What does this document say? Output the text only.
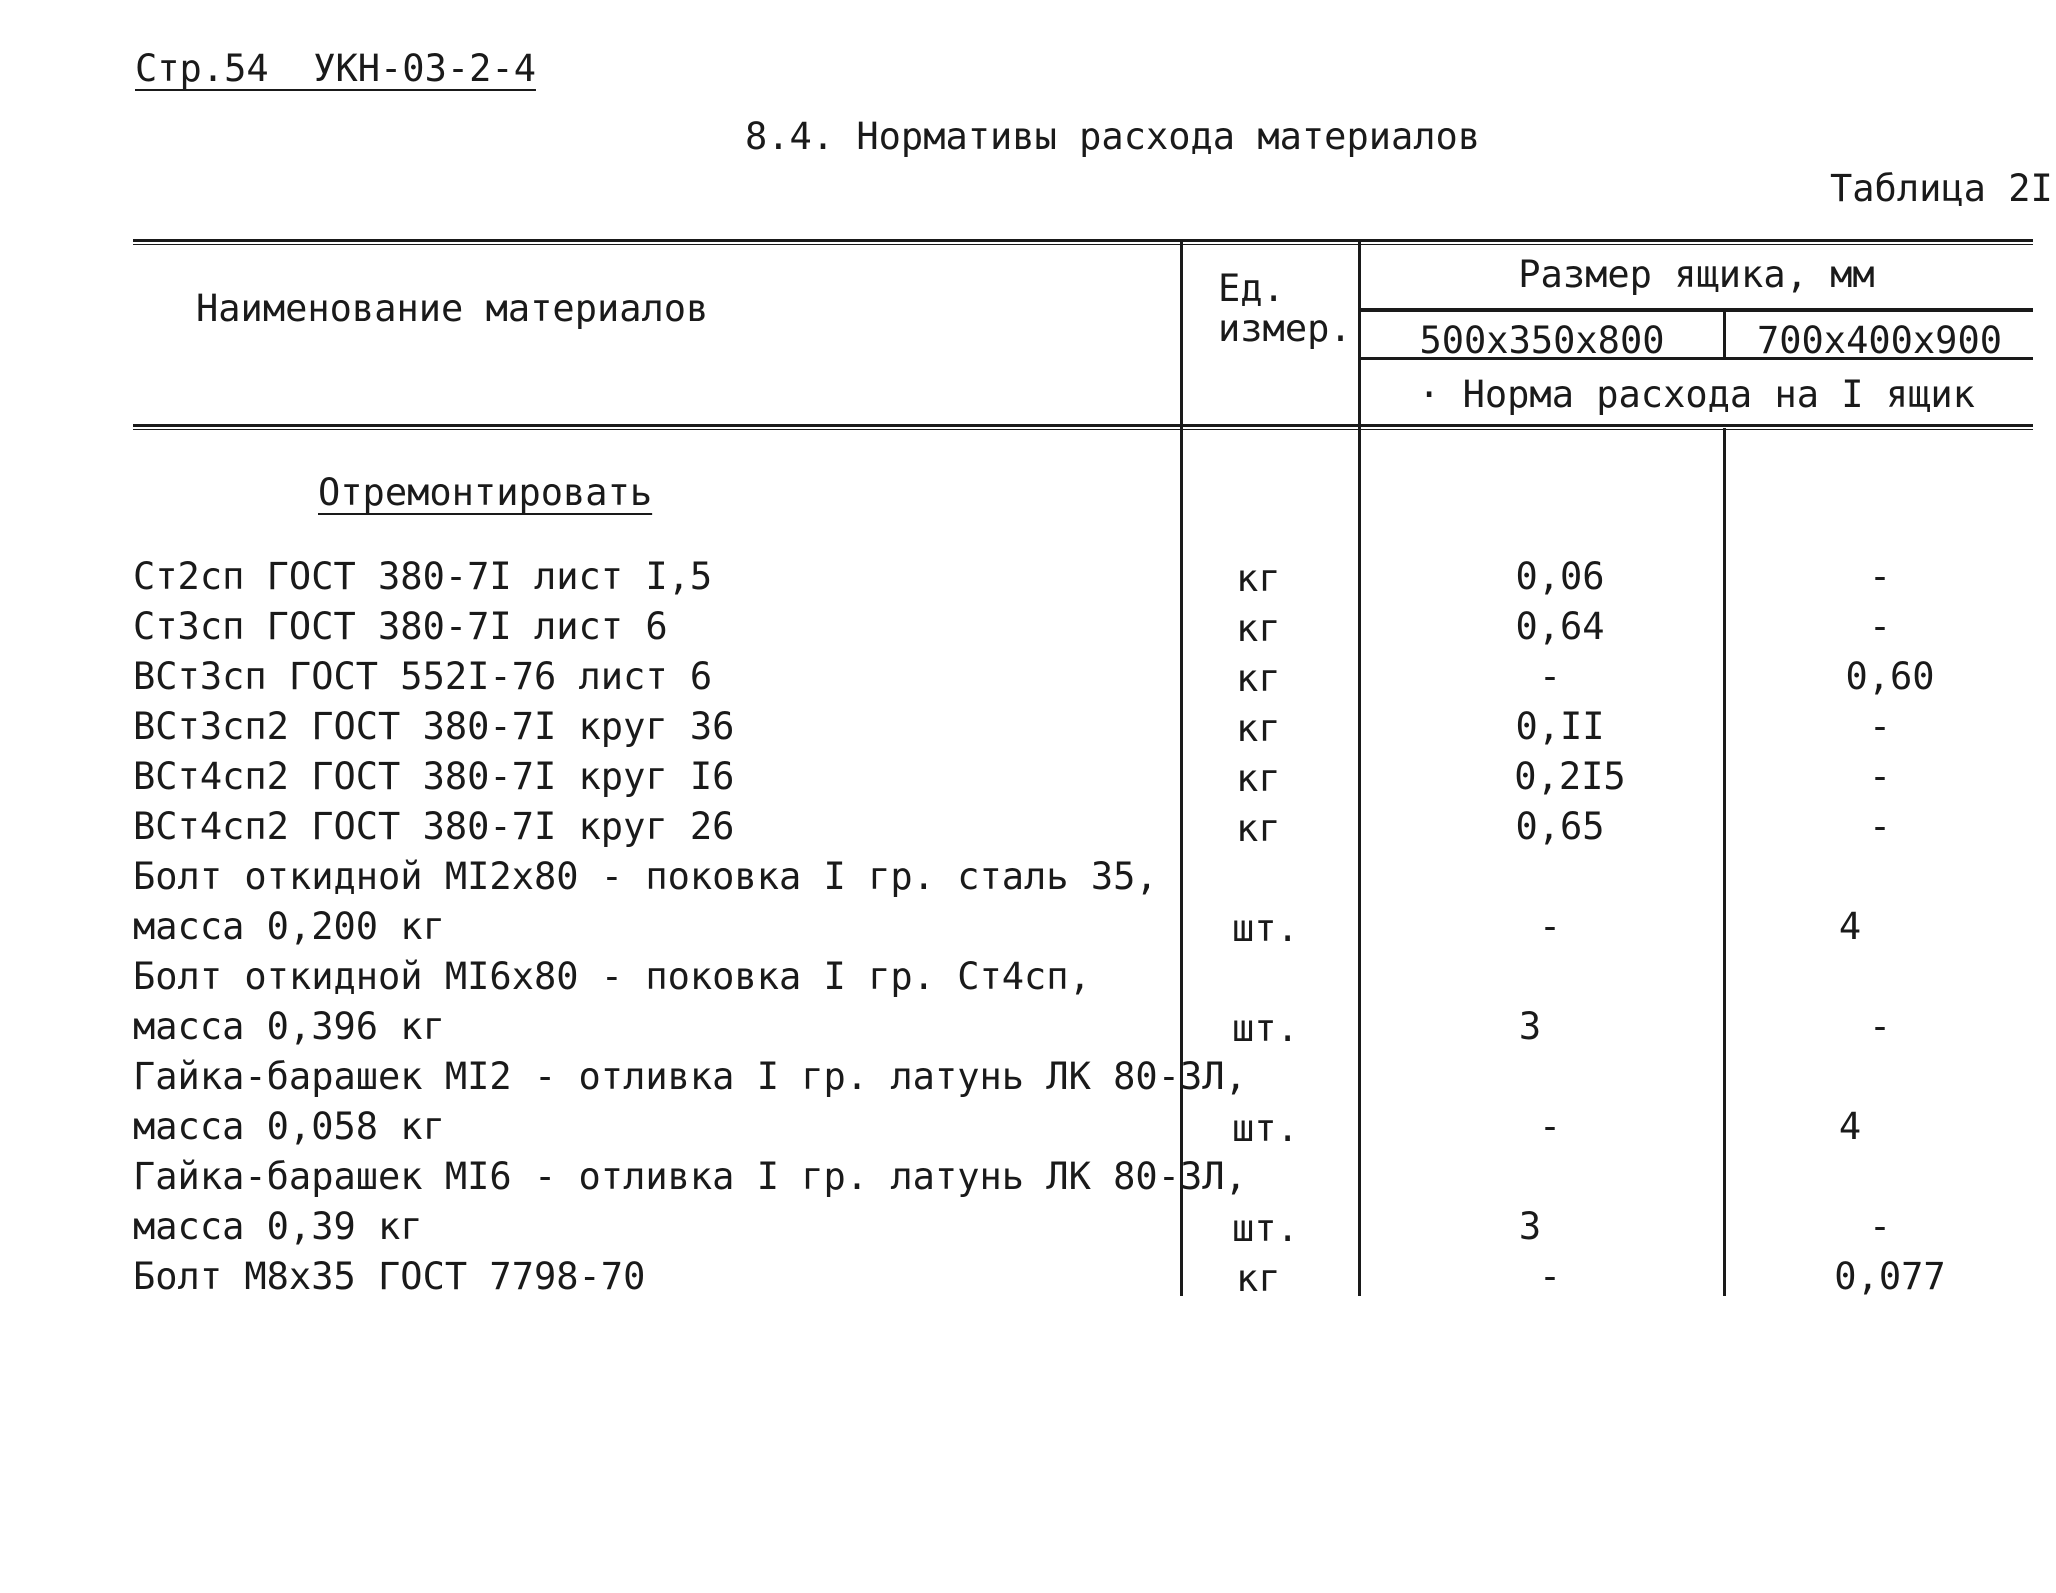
Стр.54  УКН-03-2-4
8.4. Нормативы расхода материалов
Таблица 2I
Наименование материалов	Ед.
измер.
Размер ящика, мм
500x350x800	700x400x900
· Норма расхода на I ящик
Отремонтировать
Ст2сп ГОСТ 380-7I лист I,5	кг	0,06	-
Ст3сп ГОСТ 380-7I лист 6	кг	0,64	-
ВСт3сп ГОСТ 552I-76 лист 6	кг	-	0,60
ВСт3сп2 ГОСТ 380-7I круг 36	кг	0,II	-
ВСт4сп2 ГОСТ 380-7I круг I6	кг	0,2I5	-
ВСт4сп2 ГОСТ 380-7I круг 26	кг	0,65	-
Болт откидной МI2х80 - поковка I гр. сталь 35,
масса 0,200 кг	шт.	-	4
Болт откидной МI6х80 - поковка I гр. Ст4сп,
масса 0,396 кг	шт.	3	-
Гайка-барашек МI2 - отливка I гр. латунь ЛК 80-3Л,
масса 0,058 кг	шт.	-	4
Гайка-барашек МI6 - отливка I гр. латунь ЛК 80-3Л,
масса 0,39 кг	шт.	3	-
Болт М8х35 ГОСТ 7798-70	кг	-	0,077
